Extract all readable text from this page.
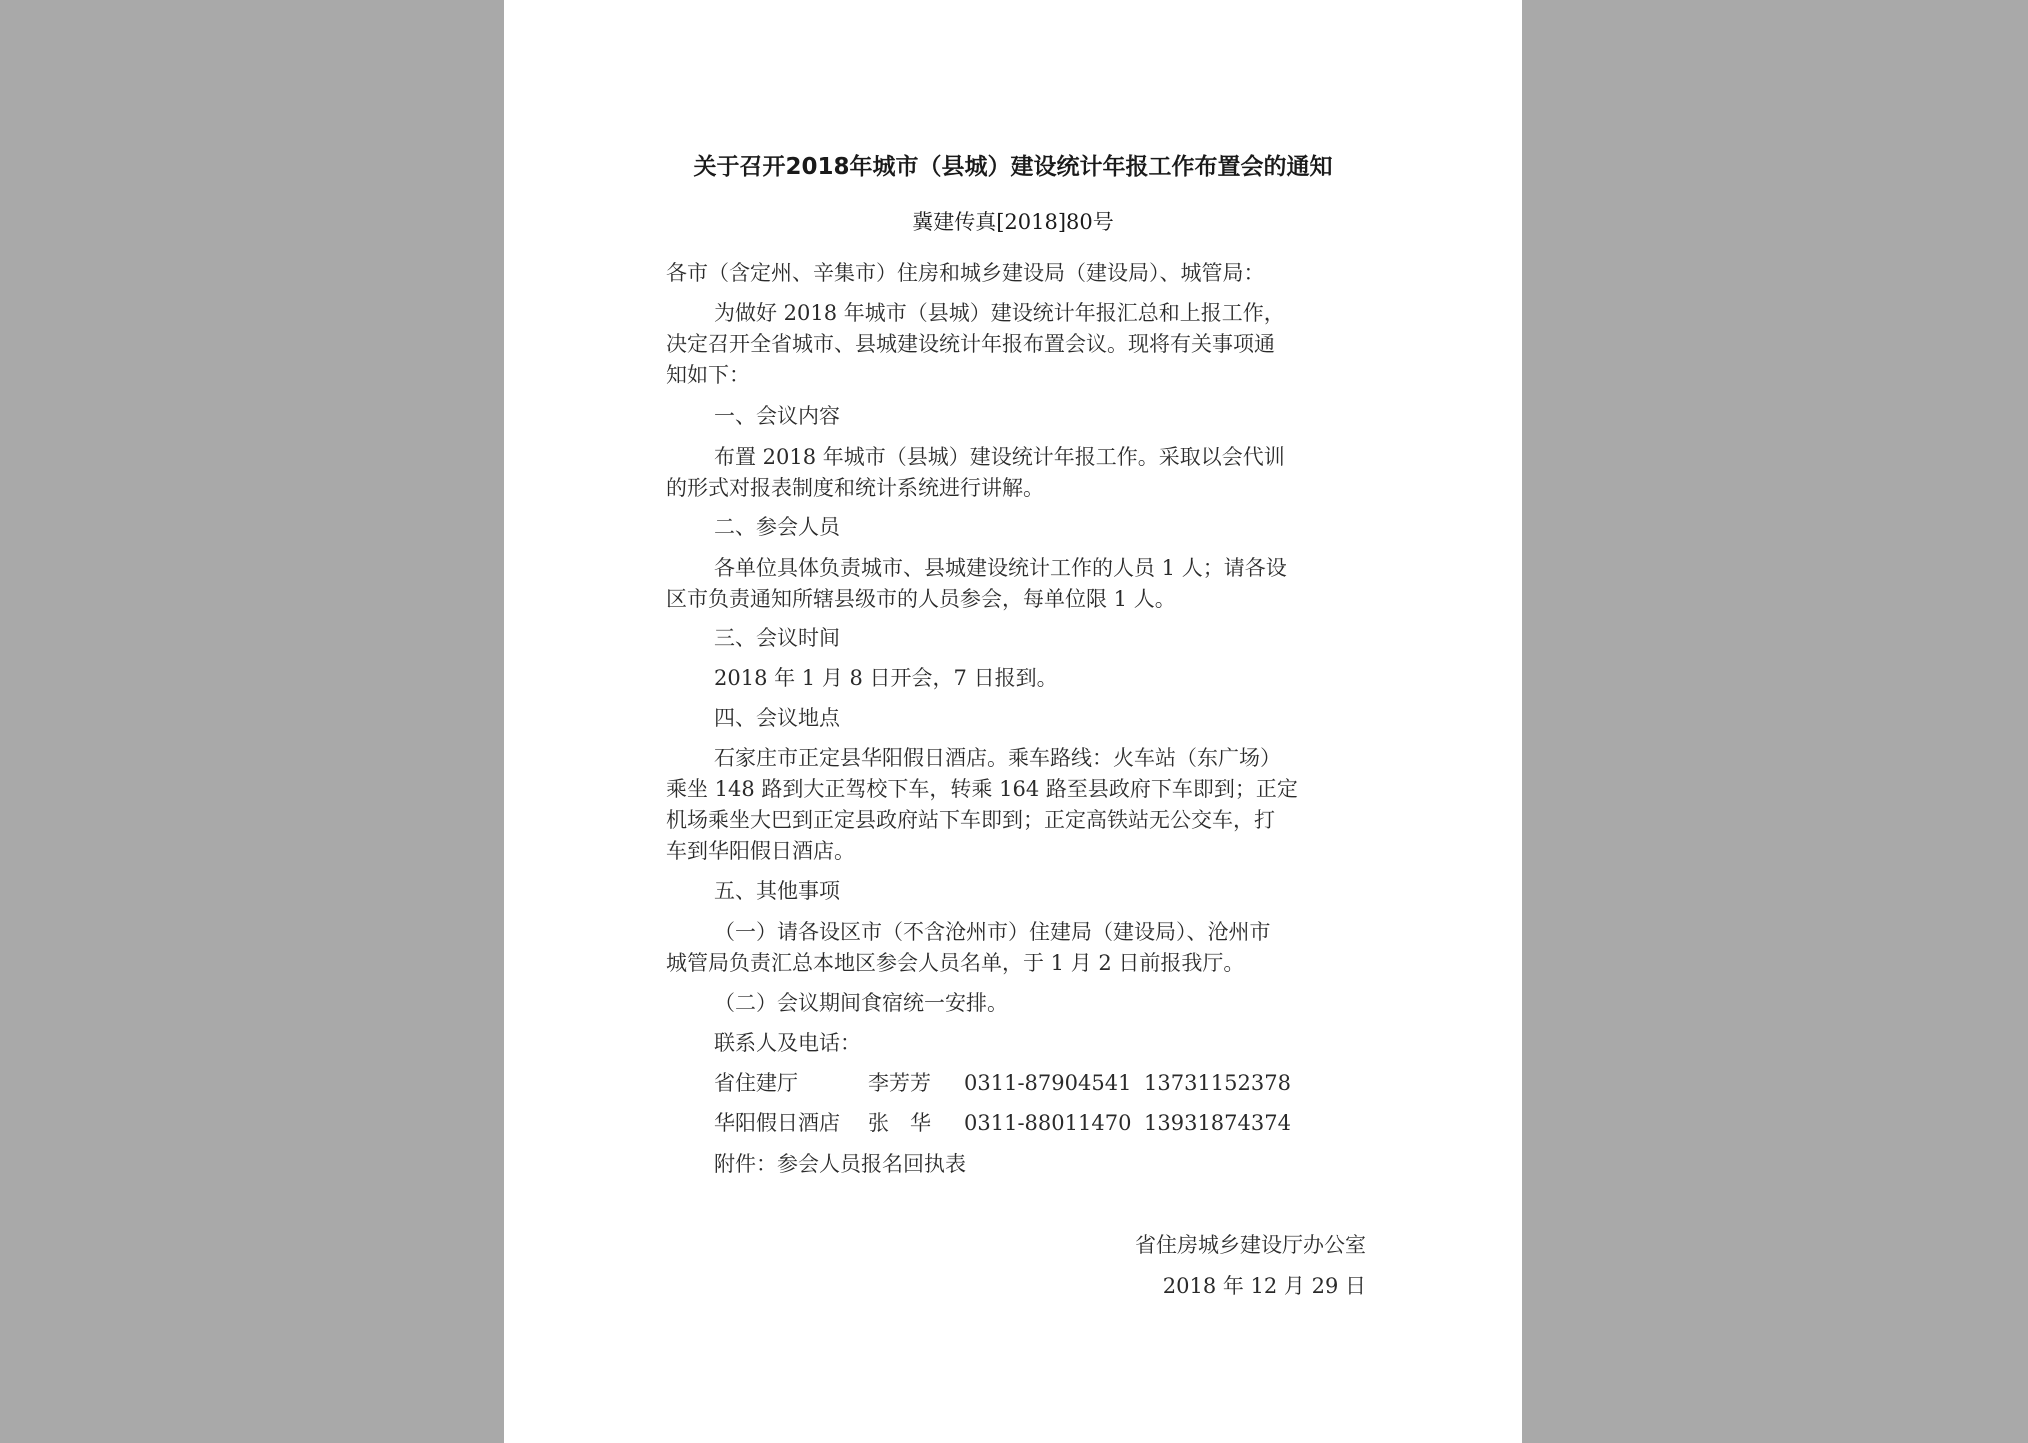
关于召开2018年城市（县城）建设统计年报工作布置会的通知
冀建传真[2018]80号
各市（含定州、辛集市）住房和城乡建设局（建设局）、城管局：
为做好 2018 年城市（县城）建设统计年报汇总和上报工作，
决定召开全省城市、县城建设统计年报布置会议。现将有关事项通
知如下：
一、会议内容
布置 2018 年城市（县城）建设统计年报工作。采取以会代训
的形式对报表制度和统计系统进行讲解。
二、参会人员
各单位具体负责城市、县城建设统计工作的人员 1 人；请各设
区市负责通知所辖县级市的人员参会，每单位限 1 人。
三、会议时间
2018 年 1 月 8 日开会，7 日报到。
四、会议地点
石家庄市正定县华阳假日酒店。乘车路线：火车站（东广场）
乘坐 148 路到大正驾校下车，转乘 164 路至县政府下车即到；正定
机场乘坐大巴到正定县政府站下车即到；正定高铁站无公交车，打
车到华阳假日酒店。
五、其他事项
（一）请各设区市（不含沧州市）住建局（建设局）、沧州市
城管局负责汇总本地区参会人员名单，于 1 月 2 日前报我厅。
（二）会议期间食宿统一安排。
联系人及电话：
省住建厅	李芳芳 0311-87904541 13731152378
华阳假日酒店 张　华 0311-88011470 13931874374
附件：参会人员报名回执表
省住房城乡建设厅办公室
2018 年 12 月 29 日
